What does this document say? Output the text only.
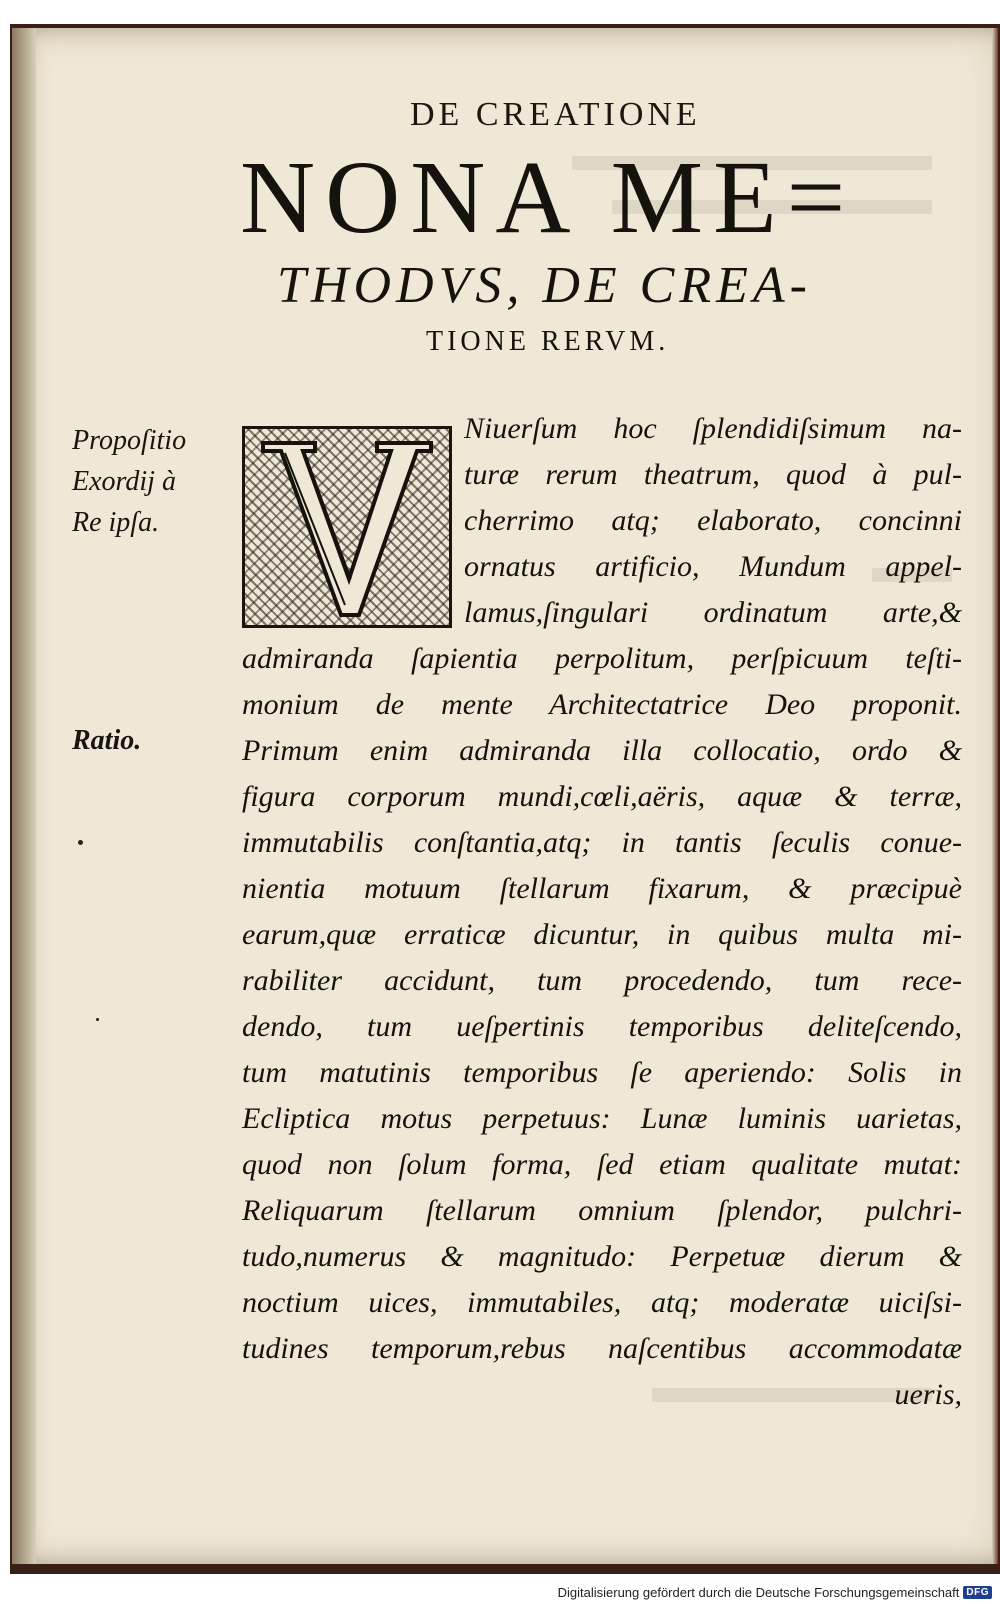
DE CREATIONE
NONA ME=
THODVS, DE CREA-
TIONE RERVM.
Propoſitio
Exordij à
Re ipſa.
Ratio.
Niuerſum hoc ſplendidiſsimum na-
turæ rerum theatrum, quod à pul-
cherrimo atq; elaborato, concinni
ornatus artificio, Mundum appel-
lamus,ſingulari ordinatum arte,&
admiranda ſapientia perpolitum, perſpicuum teſti-
monium de mente Architectatrice Deo proponit.
Primum enim admiranda illa collocatio, ordo &
figura corporum mundi,cœli,aëris, aquæ & terræ,
immutabilis conſtantia,atq; in tantis ſeculis conue-
nientia motuum ſtellarum fixarum, & præcipuè
earum,quæ erraticæ dicuntur, in quibus multa mi-
rabiliter accidunt, tum procedendo, tum rece-
dendo, tum ueſpertinis temporibus deliteſcendo,
tum matutinis temporibus ſe aperiendo: Solis in
Ecliptica motus perpetuus: Lunæ luminis uarietas,
quod non ſolum forma, ſed etiam qualitate mutat:
Reliquarum ſtellarum omnium ſplendor, pulchri-
tudo,numerus & magnitudo: Perpetuæ dierum &
noctium uices, immutabiles, atq; moderatæ uiciſsi-
tudines temporum,rebus naſcentibus accommodatæ
ueris,
Digitalisierung gefördert durch die Deutsche Forschungsgemeinschaft DFG
